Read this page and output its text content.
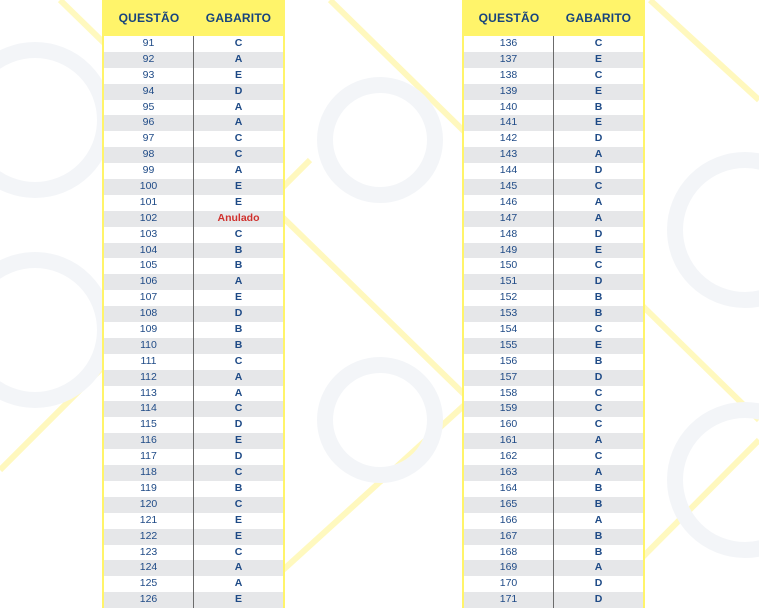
QUESTÃO	GABARITO
91	C
92	A
93	E
94	D
95	A
96	A
97	C
98	C
99	A
100	E
101	E
102	Anulado
103	C
104	B
105	B
106	A
107	E
108	D
109	B
110	B
111	C
112	A
113	A
114	C
115	D
116	E
117	D
118	C
119	B
120	C
121	E
122	E
123	C
124	A
125	A
126	E
QUESTÃO	GABARITO
136	C
137	E
138	C
139	E
140	B
141	E
142	D
143	A
144	D
145	C
146	A
147	A
148	D
149	E
150	C
151	D
152	B
153	B
154	C
155	E
156	B
157	D
158	C
159	C
160	C
161	A
162	C
163	A
164	B
165	B
166	A
167	B
168	B
169	A
170	D
171	D
